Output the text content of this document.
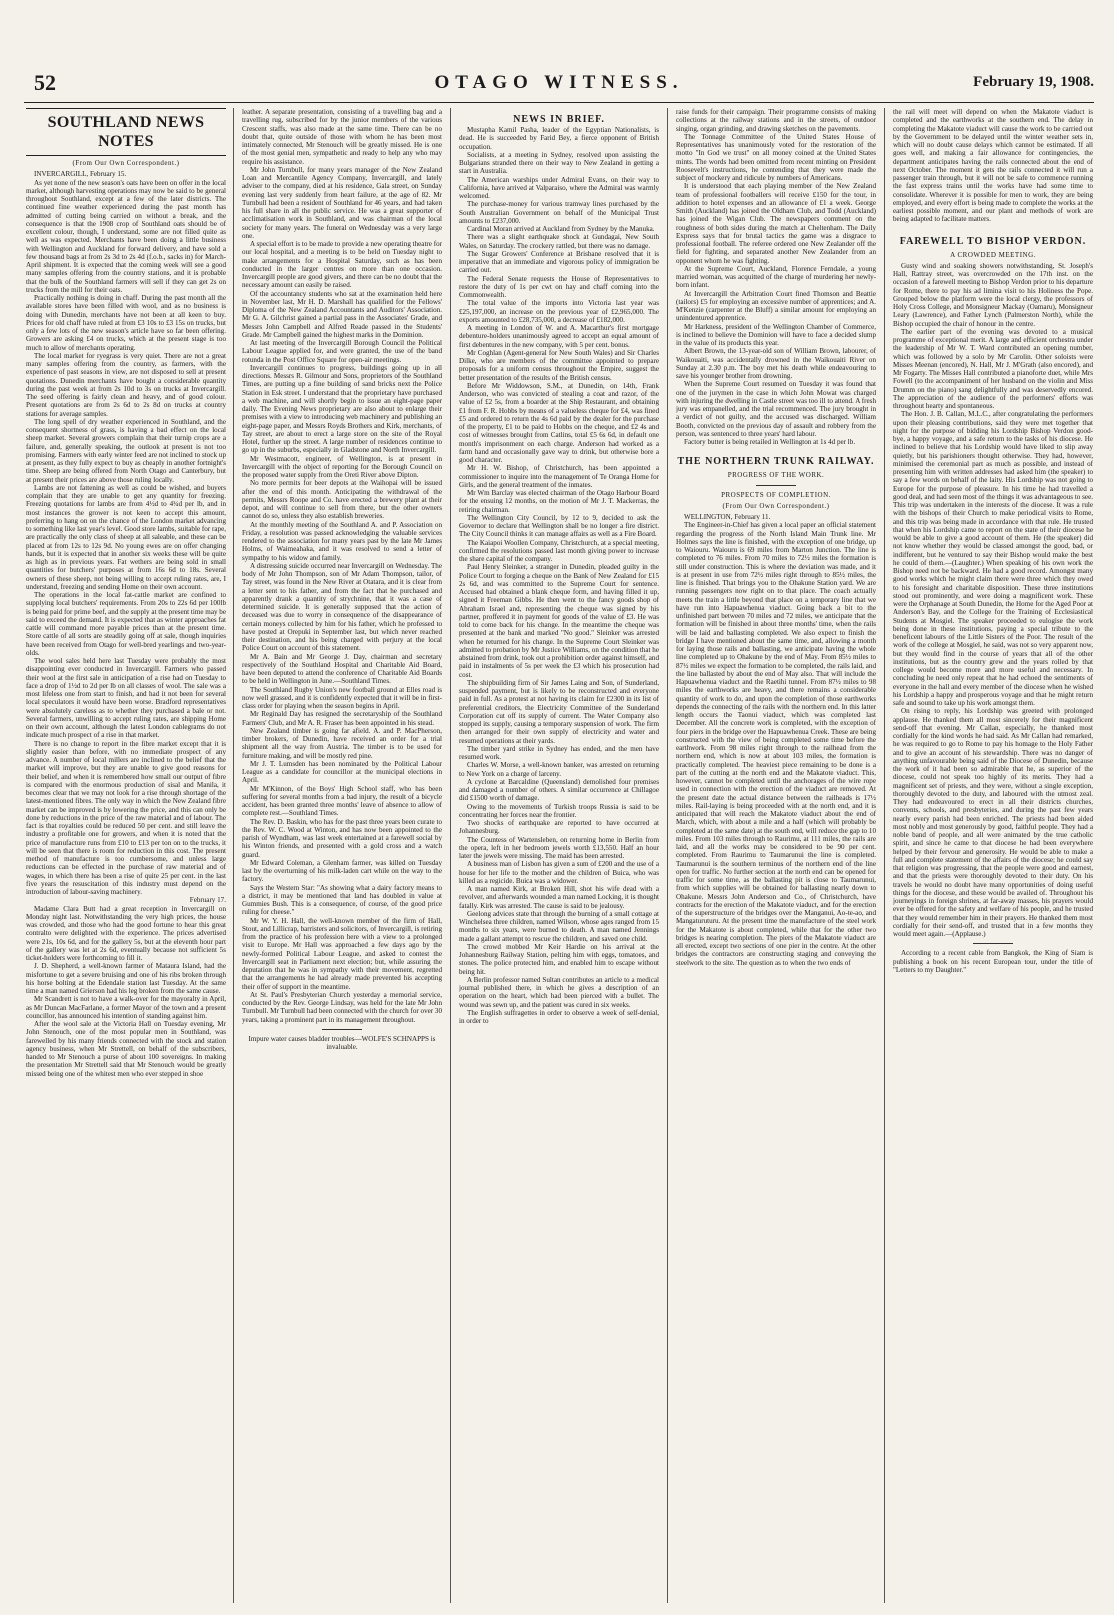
52	OTAGO WITNESS.	February 19, 1908.

SOUTHLAND NEWS NOTES

(From Our Own Correspondent.)

INVERCARGILL, February 15.

As yet none of the new season's oats have been on offer in the local market, although harvesting operations may now be said to be general throughout Southland, except at a few of the later districts. The continued fine weather experienced during the past month has admitted of cutting being carried on without a break, and the consequence is that the 1908 crop of Southland oats should be of excellent colour, though, I understand, some are not filled quite as well as was expected. Merchants have been doing a little business with Wellington and Auckland for forward delivery, and have sold a few thousand bags at from 2s 3d to 2s 4d (f.o.b., sacks in) for March-April shipment. It is expected that the coming week will see a good many samples offering from the country stations, and it is probable that the bulk of the Southland farmers will sell if they can get 2s on trucks from the mill for their oats.

Practically nothing is doing in chaff. During the past month all the available stores have been filled with wool, and as no business is doing with Dunedin, merchants have not been at all keen to buy. Prices for old chaff have ruled at from £3 10s to £3 15s on trucks, but only a few lots of the new season's article have so far been offering. Growers are asking £4 on trucks, which at the present stage is too much to allow of merchants operating.

The local market for ryegrass is very quiet. There are not a great many samples offering from the country, as farmers, with the experience of past seasons in view, are not disposed to sell at present quotations. Dunedin merchants have bought a considerable quantity during the past week at from 2s 10d to 3s on trucks at Invercargill. The seed offering is fairly clean and heavy, and of good colour. Present quotations are from 2s 6d to 2s 8d on trucks at country stations for average samples.

The long spell of dry weather experienced in Southland, and the consequent shortness of grass, is having a bad effect on the local sheep market. Several growers complain that their turnip crops are a failure, and, generally speaking, the outlook at present is not too promising. Farmers with early winter feed are not inclined to stock up at present, as they fully expect to buy as cheaply in another fortnight's time. Sheep are being offered from North Otago and Canterbury, but at present their prices are above those ruling locally.

Lambs are not fattening as well as could be wished, and buyers complain that they are unable to get any quantity for freezing. Freezing quotations for lambs are from 4½d to 4¾d per lb, and in most instances the grower is not keen to accept this amount, preferring to hang on on the chance of the London market advancing to something like last year's level. Good store lambs, suitable for rape, are practically the only class of sheep at all saleable, and these can be placed at from 12s to 12s 9d. No young ewes are on offer changing hands, but it is expected that in another six weeks these will be quite as high as in previous years. Fat wethers are being sold in small quantities for butchers' purposes at from 16s 6d to 18s. Several owners of these sheep, not being willing to accept ruling rates, are, I understand, freezing and sending Home on their own account.

The operations in the local fat-cattle market are confined to supplying local butchers' requirements. From 20s to 22s 6d per 100lb is being paid for prime beef, and the supply at the present time may be said to exceed the demand. It is expected that as winter approaches fat cattle will command more payable prices than at the present time. Store cattle of all sorts are steadily going off at sale, though inquiries have been received from Otago for well-bred yearlings and two-year-olds.

The wool sales held here last Tuesday were probably the most disappointing ever conducted in Invercargill. Farmers who passed their wool at the first sale in anticipation of a rise had on Tuesday to face a drop of 1½d to 2d per lb on all classes of wool. The sale was a most lifeless one from start to finish, and had it not been for several local speculators it would have been worse. Bradford representatives were absolutely careless as to whether they purchased a bale or not. Several farmers, unwilling to accept ruling rates, are shipping Home on their own account, although the latest London cablegrams do not indicate much prospect of a rise in that market.

There is no change to report in the fibre market except that it is slightly easier than before, with no immediate prospect of any advance. A number of local millers are inclined to the belief that the market will improve, but they are unable to give good reasons for their belief, and when it is remembered how small our output of fibre is compared with the enormous production of sisal and Manila, it becomes clear that we may not look for a rise through shortage of the latest-mentioned fibres. The only way in which the New Zealand fibre market can be improved is by lowering the price, and this can only be done by reductions in the price of the raw material and of labour. The fact is that royalties could be reduced 50 per cent. and still leave the industry a profitable one for growers, and when it is noted that the price of manufacture runs from £10 to £13 per ton on to the trucks, it will be seen that there is room for reduction in this cost. The present method of manufacture is too cumbersome, and unless large reductions can be effected in the purchase of raw material and of wages, in which there has been a rise of quite 25 per cent. in the last five years the resuscitation of this industry must depend on the introduction of labour-saving machinery.

February 17.

Madame Clara Butt had a great reception in Invercargill on Monday night last. Notwithstanding the very high prices, the house was crowded, and those who had the good fortune to hear this great contralto were delighted with the experience. The prices advertised were 21s, 10s 6d, and for the gallery 5s, but at the eleventh hour part of the gallery was let at 2s 6d, eventually because not sufficient 5s ticket-holders were forthcoming to fill it.

J. D. Shepherd, a well-known farmer of Mataura Island, had the misfortune to get a severe bruising and one of his ribs broken through his horse bolting at the Edendale station last Tuesday. At the same time a man named Grierson had his leg broken from the same cause.

Mr Scandrett is not to have a walk-over for the mayoralty in April, as Mr Duncan MacFarlane, a former Mayor of the town and a present councillor, has announced his intention of standing against him.

After the wool sale at the Victoria Hall on Tuesday evening, Mr John Stenouch, one of the most popular men in Southland, was farewelled by his many friends connected with the stock and station agency business, when Mr Strettell, on behalf of the subscribers, handed to Mr Stenouch a purse of about 100 sovereigns. In making the presentation Mr Strettell said that Mr Stenouch would be greatly missed being one of the whitest men who ever stepped in shoe

leather. A separate presentation, consisting of a travelling bag and a travelling rug, subscribed for by the junior members of the various Crescent staffs, was also made at the same time. There can be no doubt that, quite outside of those with whom he has been most intimately connected, Mr Stenouch will be greatly missed. He is one of the most genial men, sympathetic and ready to help any who may require his assistance.

Mr John Turnbull, for many years manager of the New Zealand Loan and Mercantile Agency Company, Invercargill, and lately adviser to the company, died at his residence, Gala street, on Sunday evening last very suddenly from heart failure, at the age of 82. Mr Turnbull had been a resident of Southland for 46 years, and had taken his full share in all the public service. He was a great supporter of acclimatisation work in Southland, and was chairman of the local society for many years. The funeral on Wednesday was a very large one.

A special effort is to be made to provide a new operating theatre for our local hospital, and a meeting is to be held on Tuesday night to make arrangements for a Hospital Saturday, such as has been conducted in the larger centres on more than one occasion. Invercargill people are good givers, and there can be no doubt that the necessary amount can easily be raised.

Of the accountancy students who sat at the examination held here in November last, Mr H. D. Marshall has qualified for the Fellows' Diploma of the New Zealand Accountants and Auditors' Association. Mr G. A. Gilchrist gained a partial pass in the Associates' Grade, and Messrs John Campbell and Alfred Reade passed in the Students' Grade. Mr Campbell gained the highest marks in the Dominion.

At last meeting of the Invercargill Borough Council the Political Labour League applied for, and were granted, the use of the band rotunda in the Post Office Square for open-air meetings.

Invercargill continues to progress, buildings going up in all directions. Messrs R. Gilmour and Sons, proprietors of the Southland Times, are putting up a fine building of sand bricks next the Police Station in Esk street. I understand that the proprietary have purchased a web machine, and will shortly begin to issue an eight-page paper daily. The Evening News proprietary are also about to enlarge their premises with a view to introducing web machinery and publishing an eight-page paper, and Messrs Royds Brothers and Kirk, merchants, of Tay street, are about to erect a large store on the site of the Royal Hotel, further up the street. A large number of residences continue to go up in the suburbs, especially in Gladstone and North Invercargill.

Mr Westmacott, engineer, of Wellington, is at present in Invercargill with the object of reporting for the Borough Council on the proposed water supply from the Oreti River above Dipton.

No more permits for beer depots at the Waihopai will be issued after the end of this month. Anticipating the withdrawal of the permits, Messrs Roope and Co. have erected a brewery plant at their depot, and will continue to sell from there, but the other owners cannot do so, unless they also establish breweries.

At the monthly meeting of the Southland A. and P. Association on Friday, a resolution was passed acknowledging the valuable services rendered to the association for many years past by the late Mr James Holms, of Waimeahaka, and it was resolved to send a letter of sympathy to his widow and family.

A distressing suicide occurred near Invercargill on Wednesday. The body of Mr John Thompson, son of Mr Adam Thompson, tailor, of Tay street, was found in the New River at Otatara, and it is clear from a letter sent to his father, and from the fact that he purchased and apparently drank a quantity of strychnine, that it was a case of determined suicide. It is generally supposed that the action of deceased was due to worry in consequence of the disappearance of certain moneys collected by him for his father, which he professed to have posted at Orepuki in September last, but which never reached their destination, and his being charged with perjury at the local Police Court on account of this statement.

Mr A. Bain and Mr George J. Day, chairman and secretary respectively of the Southland Hospital and Charitable Aid Board, have been deputed to attend the conference of Charitable Aid Boards to be held in Wellington in June.—Southland Times.

The Southland Rugby Union's new football ground at Elles road is now well grassed, and it is confidently expected that it will be in first-class order for playing when the season begins in April.

Mr Reginald Day has resigned the secretaryship of the Southland Farmers' Club, and Mr A. R. Fraser has been appointed in his stead.

New Zealand timber is going far afield. A. and P. MacPherson, timber brokers, of Dunedin, have received an order for a trial shipment all the way from Austria. The timber is to be used for furniture making, and will be mostly red pine.

Mr J. T. Lumsden has been nominated by the Political Labour League as a candidate for councillor at the municipal elections in April.

Mr M'Kinnon, of the Boys' High School staff, who has been suffering for several months from a bad injury, the result of a bicycle accident, has been granted three months' leave of absence to allow of complete rest.—Southland Times.

The Rev. D. Baskin, who has for the past three years been curate to the Rev. W. C. Wood at Winton, and has now been appointed to the parish of Wyndham, was last week entertained at a farewell social by his Winton friends, and presented with a gold cross and a watch guard.

Mr Edward Coleman, a Glenham farmer, was killed on Tuesday last by the overturning of his milk-laden cart while on the way to the factory.

Says the Western Star: "As showing what a dairy factory means to a district, it may be mentioned that land has doubled in value at Gummies Bush. This is a consequence, of course, of the good price ruling for cheese."

Mr W. Y. H. Hall, the well-known member of the firm of Hall, Stout, and Lillicrap, barristers and solicitors, of Invercargill, is retiring from the practice of his profession here with a view to a prolonged visit to Europe. Mr Hall was approached a few days ago by the newly-formed Political Labour League, and asked to contest the Invercargill seat in Parliament next election; but, while assuring the deputation that he was in sympathy with their movement, regretted that the arrangements he had already made prevented his accepting their offer of support in the meantime.

At St. Paul's Presbyterian Church yesterday a memorial service, conducted by the Rev. George Lindsay, was held for the late Mr John Turnbull. Mr Turnbull had been connected with the church for over 30 years, taking a prominent part in its management throughout.

Impure water causes bladder troubles—WOLFE'S SCHNAPPS is invaluable.

NEWS IN BRIEF.

Mustapha Kamil Pasha, leader of the Egyptian Nationalists, is dead. He is succeeded by Farid Bey, a fierce opponent of British occupation.

Socialists, at a meeting in Sydney, resolved upon assisting the Bulgarians stranded there on their way to New Zealand in getting a start in Australia.

The American warships under Admiral Evans, on their way to California, have arrived at Valparaiso, where the Admiral was warmly welcomed.

The purchase-money for various tramway lines purchased by the South Australian Government on behalf of the Municipal Trust amounts to £237,000.

Cardinal Moran arrived at Auckland from Sydney by the Manuka.

There was a slight earthquake shock at Gundagai, New South Wales, on Saturday. The crockery rattled, but there was no damage.

The Sugar Growers' Conference at Brisbane resolved that it is imperative that an immediate and vigorous policy of immigration be carried out.

The Federal Senate requests the House of Representatives to restore the duty of 1s per cwt on hay and chaff coming into the Commonwealth.

The total value of the imports into Victoria last year was £25,197,000, an increase on the previous year of £2,965,000. The exports amounted to £28,735,000, a decrease of £182,000.

A meeting in London of W. and A. Macarthur's first mortgage debenture-holders unanimously agreed to accept an equal amount of first debentures in the new company, with 5 per cent. bonus.

Mr Coghlan (Agent-general for New South Wales) and Sir Charles Dilke, who are members of the committee appointed to prepare proposals for a uniform census throughout the Empire, suggest the better presentation of the results of the British census.

Before Mr Widdowson, S.M., at Dunedin, on 14th, Frank Anderson, who was convicted of stealing a coat and razor, of the value of £2 5s, from a boarder at the Ship Restaurant, and obtaining £1 from F. R. Hobbs by means of a valueless cheque for £4, was fined £5 and ordered to return the 4s 6d paid by the dealer for the purchase of the property, £1 to be paid to Hobbs on the cheque, and £2 4s and cost of witnesses brought from Catlins, total £5 6s 6d, in default one month's imprisonment on each charge. Anderson had worked as a farm hand and occasionally gave way to drink, but otherwise bore a good character.

Mr H. W. Bishop, of Christchurch, has been appointed a commissioner to inquire into the management of Te Oranga Home for Girls, and the general treatment of the inmates.

Mr Wm Barclay was elected chairman of the Otago Harbour Board for the ensuing 12 months, on the motion of Mr J. T. Mackerras, the retiring chairman.

The Wellington City Council, by 12 to 9, decided to ask the Governor to declare that Wellington shall be no longer a fire district. The City Council thinks it can manage affairs as well as a Fire Board.

The Kaiapoi Woollen Company, Christchurch, at a special meeting, confirmed the resolutions passed last month giving power to increase the share capital of the company.

Paul Henry Sleinker, a stranger in Dunedin, pleaded guilty in the Police Court to forging a cheque on the Bank of New Zealand for £15 2s 6d, and was committed to the Supreme Court for sentence. Accused had obtained a blank cheque form, and having filled it up, signed it Freeman Gibbs. He then went to the fancy goods shop of Abraham Israel and, representing the cheque was signed by his partner, proffered it in payment for goods of the value of £3. He was told to come back for his change. In the meantime the cheque was presented at the bank and marked "No good." Sleinker was arrested when he returned for his change. In the Supreme Court Sleinker was admitted to probation by Mr Justice Williams, on the condition that he abstained from drink, took out a prohibition order against himself, and paid in instalments of 5s per week the £3 which his prosecution had cost.

The shipbuilding firm of Sir James Laing and Son, of Sunderland, suspended payment, but is likely to be reconstructed and everyone paid in full. As a protest at not having its claim for £2300 in its list of preferential creditors, the Electricity Committee of the Sunderland Corporation cut off its supply of current. The Water Company also stopped its supply, causing a temporary suspension of work. The firm then arranged for their own supply of electricity and water and resumed operations at their yards.

The timber yard strike in Sydney has ended, and the men have resumed work.

Charles W. Morse, a well-known banker, was arrested on returning to New York on a charge of larceny.

A cyclone at Barcaldine (Queensland) demolished four premises and damaged a number of others. A similar occurrence at Chillagoe did £1500 worth of damage.

Owing to the movements of Turkish troops Russia is said to be concentrating her forces near the frontier.

Two shocks of earthquake are reported to have occurred at Johannesburg.

The Countess of Wartensleben, on returning home in Berlin from the opera, left in her bedroom jewels worth £13,550. Half an hour later the jewels were missing. The maid has been arrested.

A business man of Lisbon has given a sum of £200 and the use of a house for her life to the mother and the children of Buica, who was killed as a regicide. Buica was a widower.

A man named Kirk, at Broken Hill, shot his wife dead with a revolver, and afterwards wounded a man named Locking, it is thought fatally. Kirk was arrested. The cause is said to be jealousy.

Geelong advices state that through the burning of a small cottage at Winchelsea three children, named Wilson, whose ages ranged from 15 months to six years, were burned to death. A man named Jennings made a gallant attempt to rescue the children, and saved one child.

The crowd mobbed Mr Keir Hardie on his arrival at the Johannesburg Railway Station, pelting him with eggs, tomatoes, and stones. The police protected him, and enabled him to escape without being hit.

A Berlin professor named Sultan contributes an article to a medical journal published there, in which he gives a description of an operation on the heart, which had been pierced with a bullet. The wound was sewn up, and the patient was cured in six weeks.

The English suffragettes in order to observe a week of self-denial, in order to

raise funds for their campaign. Their programme consists of making collections at the railway stations and in the streets, of outdoor singing, organ grinding, and drawing sketches on the pavements.

The Tonnage Committee of the United States House of Representatives has unanimously voted for the restoration of the motto "In God we trust" on all money coined at the United States mints. The words had been omitted from recent minting on President Roosevelt's instructions, he contending that they were made the subject of mockery and ridicule by numbers of Americans.

It is understood that each playing member of the New Zealand team of professional footballers will receive £150 for the tour, in addition to hotel expenses and an allowance of £1 a week. George Smith (Auckland) has joined the Oldham Club, and Todd (Auckland) has joined the Wigan Club. The newspapers comment on the roughness of both sides during the match at Cheltenham. The Daily Express says that for brutal tactics the game was a disgrace to professional football. The referee ordered one New Zealander off the field for fighting, and separated another New Zealander from an opponent whom he was fighting.

At the Supreme Court, Auckland, Florence Ferndale, a young married woman, was acquitted of the charge of murdering her newly-born infant.

At Invercargill the Arbitration Court fined Thomson and Beattie (tailors) £5 for employing an excessive number of apprentices; and A. M'Kenzie (carpenter at the Bluff) a similar amount for employing an unindentured apprentice.

Mr Harkness, president of the Wellington Chamber of Commerce, is inclined to believe the Dominion will have to face a decided slump in the value of its products this year.

Albert Brown, the 13-year-old son of William Brown, labourer, of Waikouaiti, was accidentally drowned in the Waikouaiti River on Sunday at 2.30 p.m. The boy met his death while endeavouring to save his younger brother from drowning.

When the Supreme Court resumed on Tuesday it was found that one of the jurymen in the case in which John Mowat was charged with injuring the dwelling in Castle street was too ill to attend. A fresh jury was empanelled, and the trial recommenced. The jury brought in a verdict of not guilty, and the accused was discharged. William Booth, convicted on the previous day of assault and robbery from the person, was sentenced to three years' hard labour.

Factory butter is being retailed in Wellington at 1s 4d per lb.

THE NORTHERN TRUNK RAILWAY.

PROGRESS OF THE WORK.

PROSPECTS OF COMPLETION.

(From Our Own Correspondent.)

WELLINGTON, February 11.

The Engineer-in-Chief has given a local paper an official statement regarding the progress of the North Island Main Trunk line. Mr Holmes says the line is finished, with the exception of one bridge, up to Waiouru. Waiouru is 69 miles from Marton Junction. The line is completed to 76 miles. From 70 miles to 72½ miles the formation is still under construction. This is where the deviation was made, and it is at present in use from 72½ miles right through to 85½ miles, the line is finished. That brings you to the Ohakune Station yard. We are running passengers now right on to that place. The coach actually meets the train a little beyond that place on a temporary line that we have run into Hapuawhenua viaduct. Going back a bit to the unfinished part between 70 miles and 72 miles, we anticipate that the formation will be finished in about three months' time, when the rails will be laid and ballasting completed. We also expect to finish the bridge I have mentioned about the same time, and, allowing a month for laying those rails and ballasting, we anticipate having the whole line completed up to Ohakune by the end of May. From 85½ miles to 87½ miles we expect the formation to be completed, the rails laid, and the line ballasted by about the end of May also. That will include the Hapuawhenua viaduct and the Raetihi tunnel. From 87½ miles to 98 miles the earthworks are heavy, and there remains a considerable quantity of work to do, and upon the completion of those earthworks depends the connecting of the rails with the northern end. In this latter length occurs the Taonui viaduct, which was completed last December. All the concrete work is completed, with the exception of four piers in the bridge over the Hapuawhenua Creek. These are being constructed with the view of being completed some time before the earthwork. From 98 miles right through to the railhead from the northern end, which is now at about 103 miles, the formation is practically completed. The heaviest piece remaining to be done is a part of the cutting at the north end and the Makatote viaduct. This, however, cannot be completed until the anchorages of the wire rope used in connection with the erection of the viaduct are removed. At the present date the actual distance between the railheads is 17½ miles. Rail-laying is being proceeded with at the north end, and it is anticipated that will reach the Makatote viaduct about the end of March, which, with about a mile and a half (which will probably be completed at the same date) at the south end, will reduce the gap to 10 miles. From 103 miles through to Raurimu, at 111 miles, the rails are laid, and all the works may be considered to be 90 per cent. completed. From Raurimu to Taumarunui the line is completed. Taumarunui is the southern terminus of the northern end of the line open for traffic. No further section at the north end can be opened for traffic for some time, as the ballasting pit is close to Taumarunui, from which supplies will be obtained for ballasting nearly down to Ohakune. Messrs John Anderson and Co., of Christchurch, have contracts for the erection of the Makatote viaduct, and for the erection of the superstructure of the bridges over the Manganui, Ao-te-ao, and Mangaturuturu. At the present time the manufacture of the steel work for the Makatote is about completed, while that for the other two bridges is nearing completion. The piers of the Makatote viaduct are all erected, except two sections of one pier in the centre. At the other bridges the contractors are constructing staging and conveying the steelwork to the site. The question as to when the two ends of

the rail will meet will depend on when the Makatote viaduct is completed and the earthworks at the southern end. The delay in completing the Makatote viaduct will cause the work to be carried out by the Government to be delayed until the winter weather sets in, which will no doubt cause delays which cannot be estimated. If all goes well, and making a fair allowance for contingencies, the department anticipates having the rails connected about the end of next October. The moment it gets the rails connected it will run a passenger train through, but it will not be safe to commence running the fast express trains until the works have had some time to consolidate. Wherever it is possible for men to work, they are being employed, and every effort is being made to complete the works at the earliest possible moment, and our plant and methods of work are being adapted to facilitate matters.

FAREWELL TO BISHOP VERDON.

A CROWDED MEETING.

Gusty wind and soaking showers notwithstanding, St. Joseph's Hall, Rattray street, was overcrowded on the 17th inst. on the occasion of a farewell meeting to Bishop Verdon prior to his departure for Rome, there to pay his ad limina visit to his Holiness the Pope. Grouped below the platform were the local clergy, the professors of Holy Cross College, and Monsigneur Mackay (Oamaru), Monsigneur Leary (Lawrence), and Father Lynch (Palmerston North), while the Bishop occupied the chair of honour in the centre.

The earlier part of the evening was devoted to a musical programme of exceptional merit. A large and efficient orchestra under the leadership of Mr W. T. Ward contributed an opening number, which was followed by a solo by Mr Carolin. Other soloists were Misses Meenan (encored), N. Hall, Mr J. M'Grath (also encored), and Mr Fogarty. The Misses Hall contributed a pianoforte duet, while Mrs Fowell (to the accompaniment of her husband on the violin and Miss Drumm on the piano) sang delightfully and was deservedly encored. The appreciation of the audience of the performers' efforts was throughout hearty and spontaneous.

The Hon. J. B. Callan, M.L.C., after congratulating the performers upon their pleasing contributions, said they were met together that night for the purpose of bidding his Lordship Bishop Verdon good-bye, a happy voyage, and a safe return to the tasks of his diocese. He inclined to believe that his Lordship would have liked to slip away quietly, but his parishioners thought otherwise. They had, however, minimised the ceremonial part as much as possible, and instead of presenting him with written addresses had asked him (the speaker) to say a few words on behalf of the laity. His Lordship was not going to Europe for the purpose of pleasure. In his time he had travelled a good deal, and had seen most of the things it was advantageous to see. This trip was undertaken in the interests of the diocese. It was a rule with the bishops of their Church to make periodical visits to Rome, and this trip was being made in accordance with that rule. He trusted that when his Lordship came to report on the state of their diocese he would be able to give a good account of them. He (the speaker) did not know whether they would be classed amongst the good, bad, or indifferent, but he ventured to say their Bishop would make the best he could of them.—(Laughter.) When speaking of his own work the Bishop need not be backward. He had a good record. Amongst many good works which he might claim there were three which they owed to his foresight and charitable disposition. These three institutions stood out prominently, and were doing a magnificent work. These were the Orphanage at South Dunedin, the Home for the Aged Poor at Anderson's Bay, and the College for the Training of Ecclesiastical Students at Mosgiel. The speaker proceeded to eulogise the work being done in these institutions, paying a special tribute to the beneficent labours of the Little Sisters of the Poor. The result of the work of the college at Mosgiel, he said, was not so very apparent now, but they would find in the course of years that all of the other institutions, but as the country grew and the years rolled by that college would become more and more useful and necessary. In concluding he need only repeat that he had echoed the sentiments of everyone in the hall and every member of the diocese when he wished his Lordship a happy and prosperous voyage and that he might return safe and sound to take up his work amongst them.

On rising to reply, his Lordship was greeted with prolonged applause. He thanked them all most sincerely for their magnificent send-off that evening. Mr Callan, especially, he thanked most cordially for the kind words he had said. As Mr Callan had remarked, he was required to go to Rome to pay his homage to the Holy Father and to give an account of his stewardship. There was no danger of anything unfavourable being said of the Diocese of Dunedin, because the work of it had been so admirable that he, as superior of the diocese, could not speak too highly of its merits. They had a magnificent set of priests, and they were, without a single exception, thoroughly devoted to the duty, and laboured with the utmost zeal. They had endeavoured to erect in all their districts churches, convents, schools, and presbyteries, and during the past few years nearly every parish had been enriched. The priests had been aided most nobly and most generously by good, faithful people. They had a noble band of people, and all were animated by the true catholic spirit, and since he came to that diocese he had been everywhere helped by their fervour and generosity. He would be able to make a full and complete statement of the affairs of the diocese; he could say that religion was progressing, that the people were good and earnest, and that the priests were thoroughly devoted to their duty. On his travels he would no doubt have many opportunities of doing useful things for the diocese, and these would be availed of. Throughout his journeyings in foreign shrines, at far-away masses, his prayers would ever be offered for the safety and welfare of his people, and he trusted that they would remember him in their prayers. He thanked them most cordially for their send-off, and trusted that in a few months they would meet again.—(Applause.)

According to a recent cable from Bangkok, the King of Siam is publishing a book on his recent European tour, under the title of "Letters to my Daughter."
